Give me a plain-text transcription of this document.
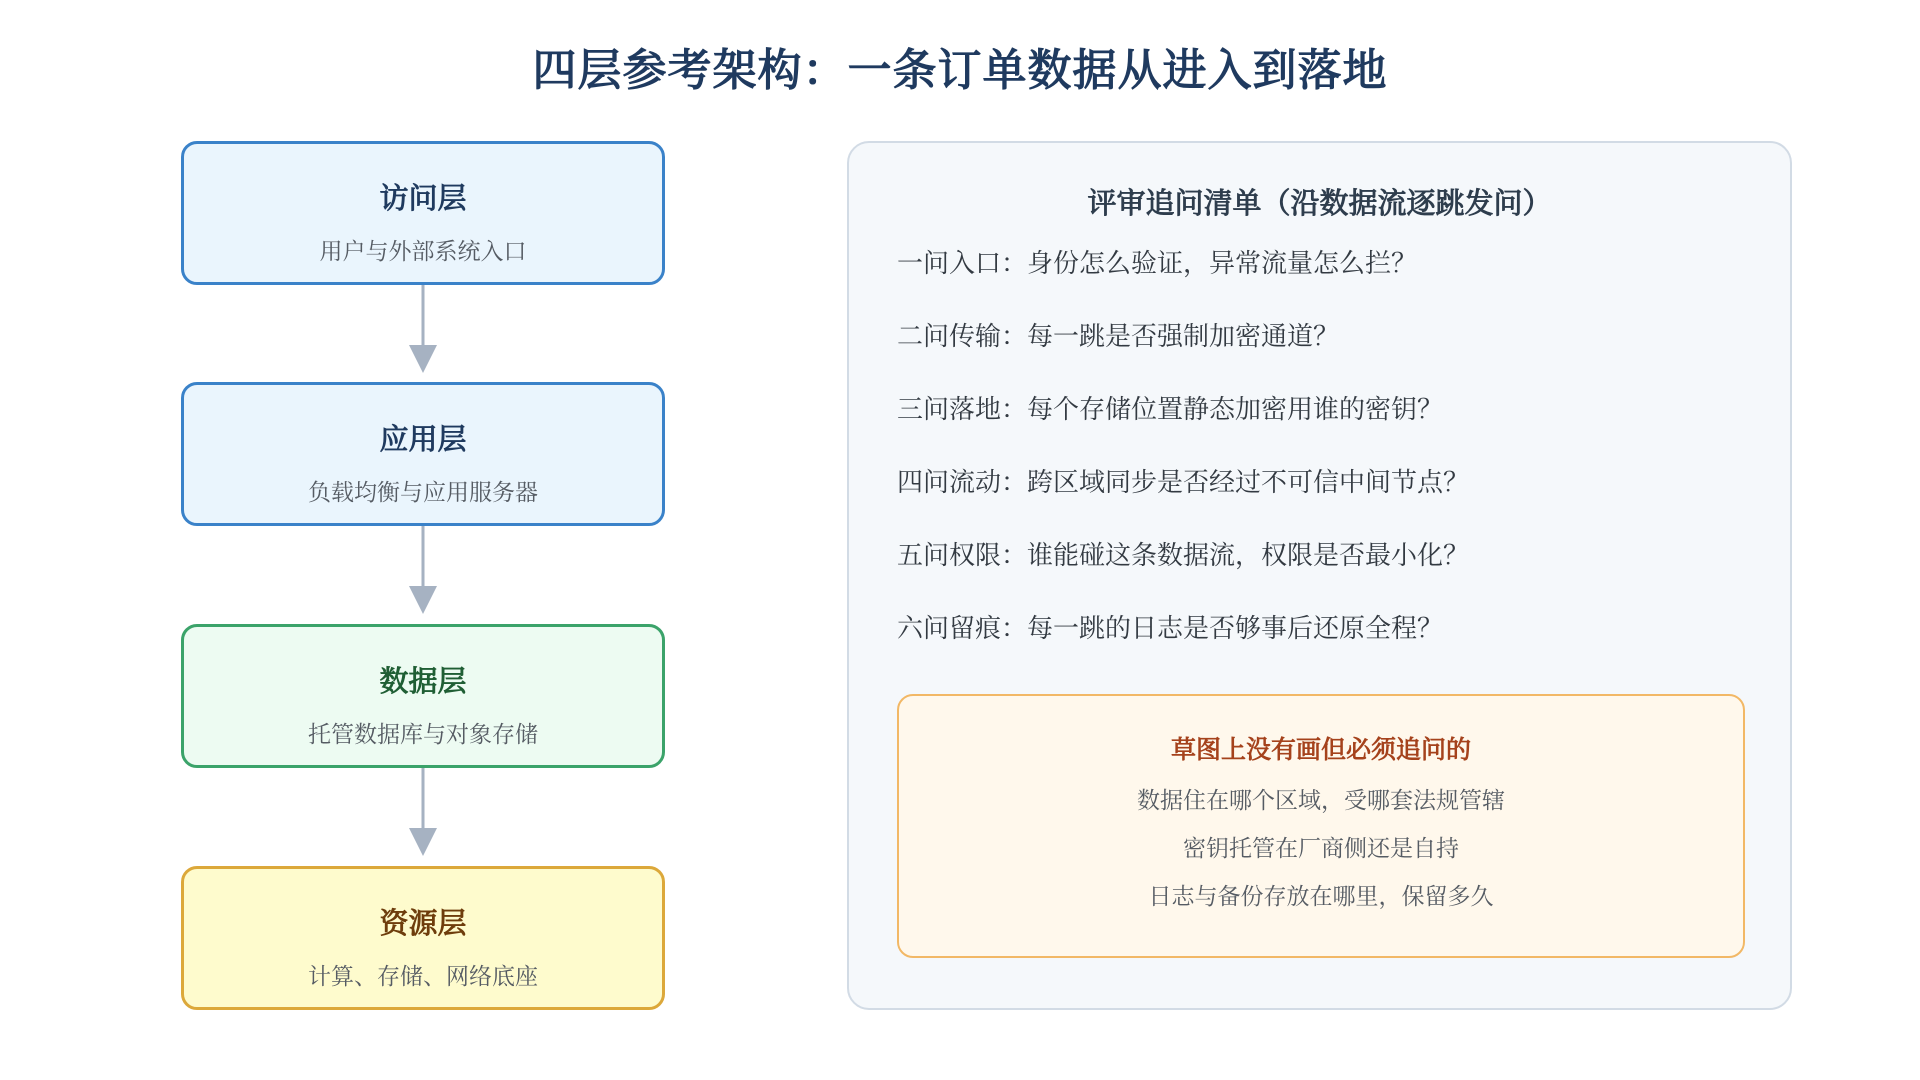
四层参考架构：一条订单数据从进入到落地
访问层
用户与外部系统入口
应用层
负载均衡与应用服务器
数据层
托管数据库与对象存储
资源层
计算、存储、网络底座
评审追问清单（沿数据流逐跳发问）
一问入口：身份怎么验证，异常流量怎么拦？
二问传输：每一跳是否强制加密通道？
三问落地：每个存储位置静态加密用谁的密钥？
四问流动：跨区域同步是否经过不可信中间节点？
五问权限：谁能碰这条数据流，权限是否最小化？
六问留痕：每一跳的日志是否够事后还原全程？
草图上没有画但必须追问的
数据住在哪个区域，受哪套法规管辖
密钥托管在厂商侧还是自持
日志与备份存放在哪里，保留多久
